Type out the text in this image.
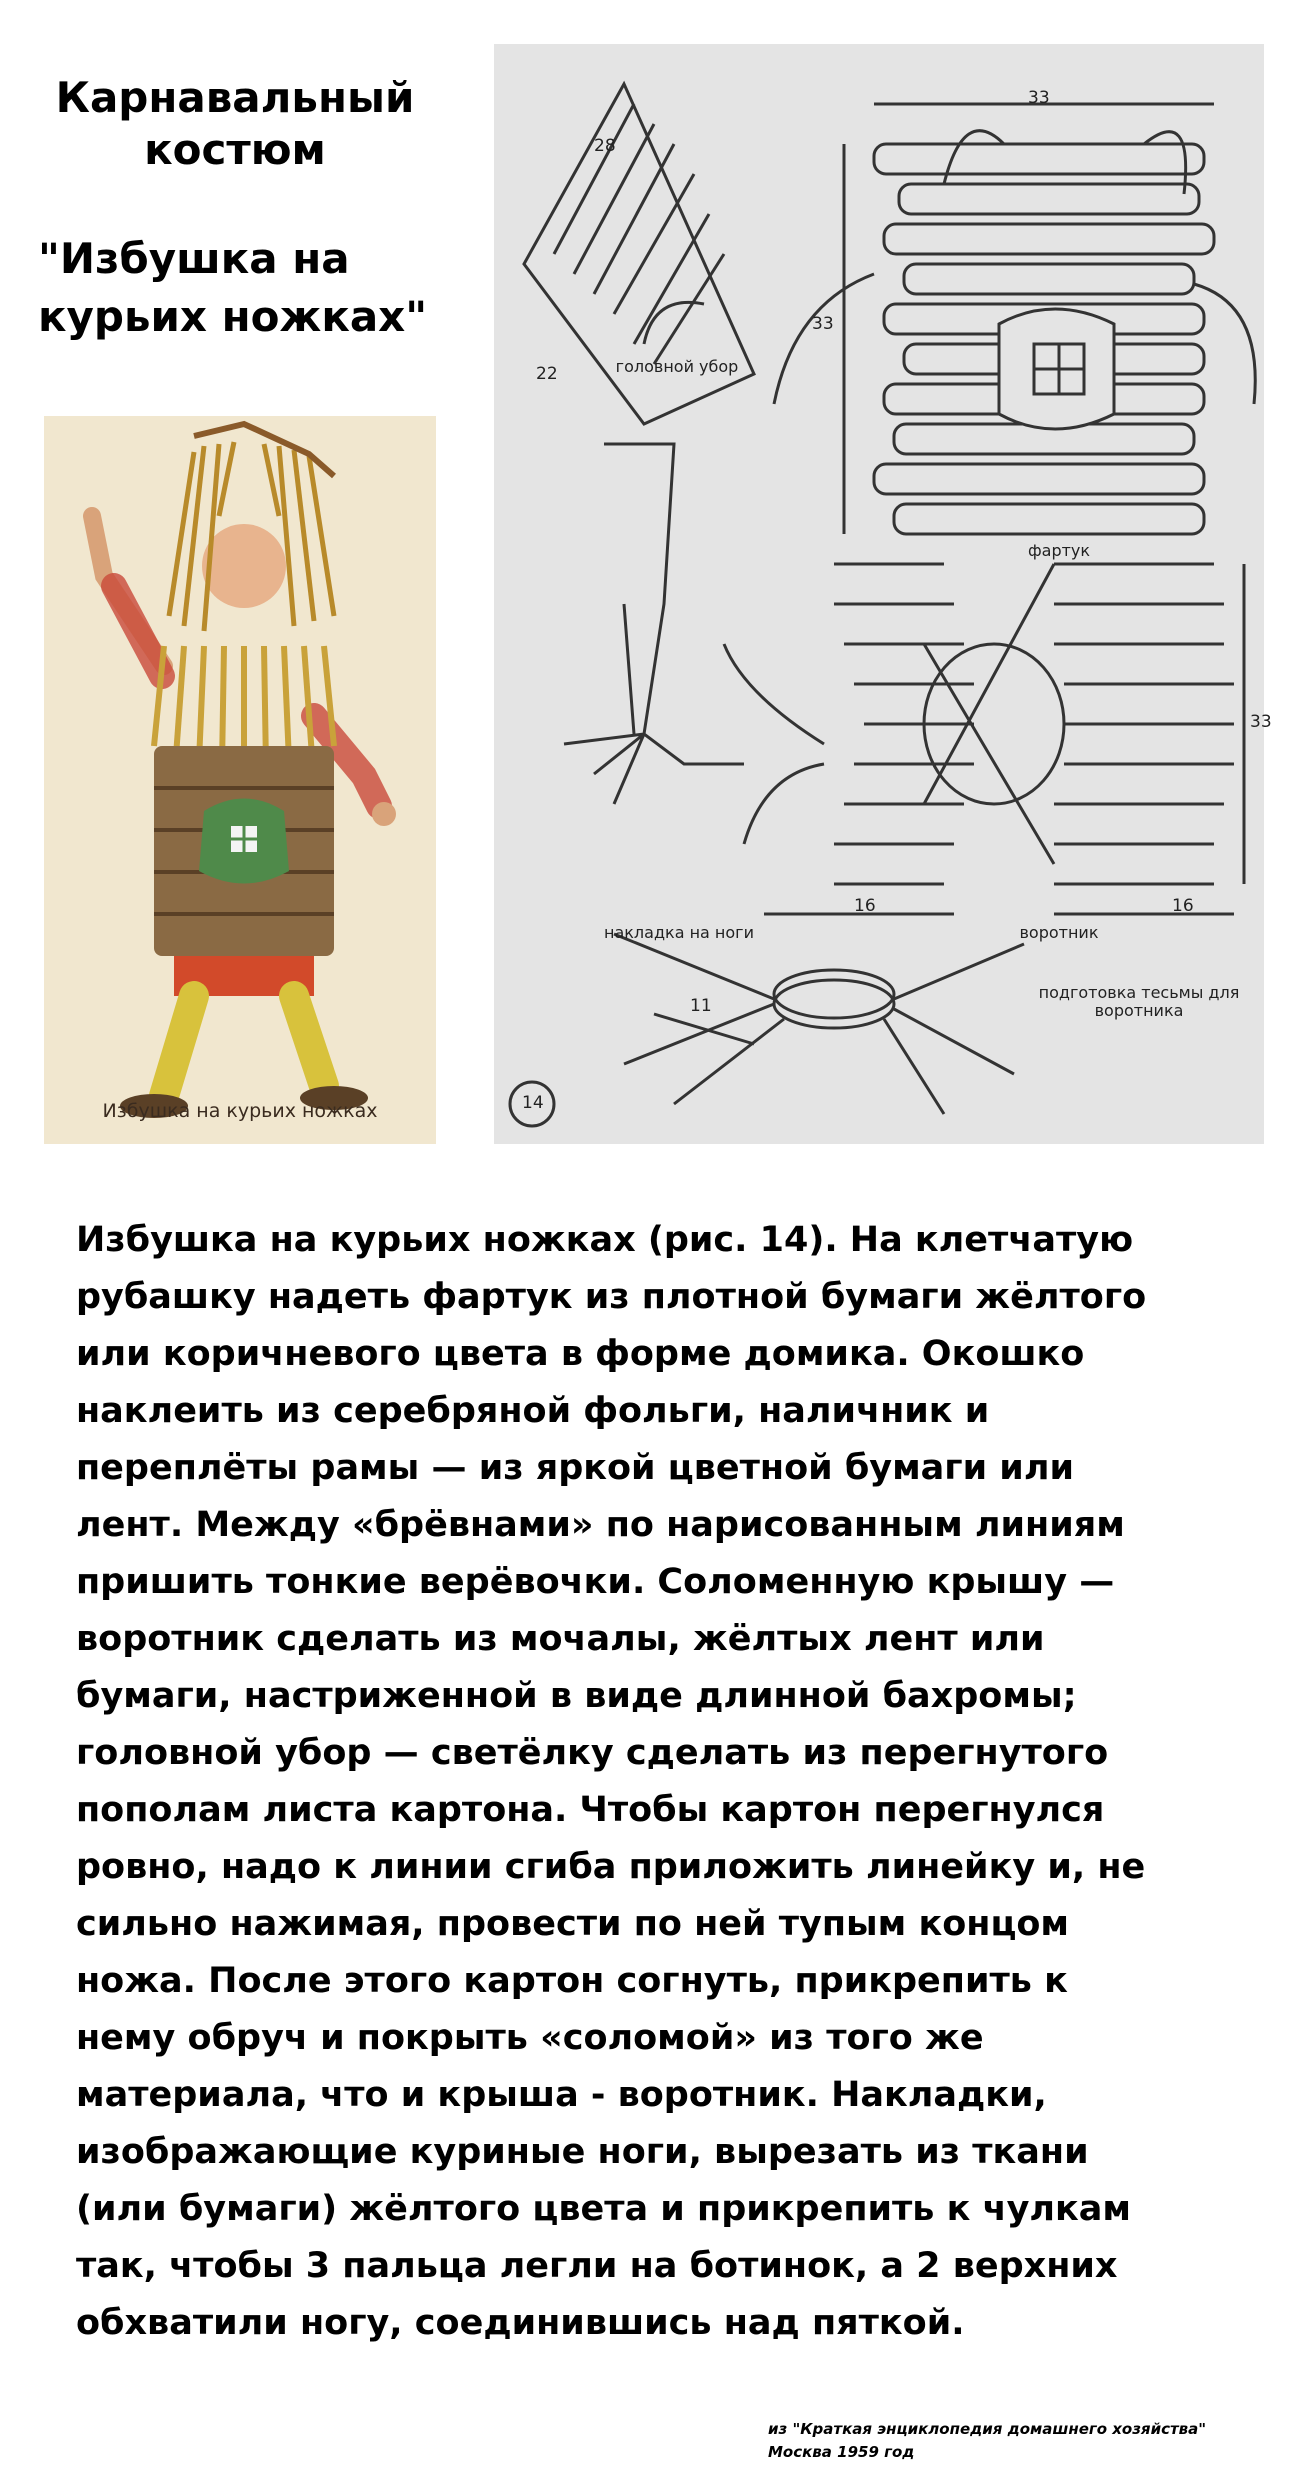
Карнавальный костюм
"Избушка на курьих ножках"
Избушка на курьих ножках
28
22	головной убор
33
33
фартук
33
16	16
воротник
накладка на ноги
11
подготовка тесьмы для воротника
14
Избушка на курьих ножках (рис. 14). На клетчатую
рубашку надеть фартук из плотной бумаги жёлтого
или коричневого цвета в форме домика. Окошко
наклеить из серебряной фольги, наличник и
переплёты рамы — из яркой цветной бумаги или
лент. Между «брёвнами» по нарисованным линиям
пришить тонкие верёвочки. Соломенную крышу —
воротник сделать из мочалы, жёлтых лент или
бумаги, настриженной в виде длинной бахромы;
головной убор — светёлку сделать из перегнутого
пополам листа картона. Чтобы картон перегнулся
ровно, надо к линии сгиба приложить линейку и, не
сильно нажимая, провести по ней тупым концом
ножа. После этого картон согнуть, прикрепить к
нему обруч и покрыть «соломой» из того же
материала, что и крыша - воротник. Накладки,
изображающие куриные ноги, вырезать из ткани
(или бумаги) жёлтого цвета и прикрепить к чулкам
так, чтобы 3 пальца легли на ботинок, а 2 верхних
обхватили ногу, соединившись над пяткой.
из "Краткая энциклопедия домашнего хозяйства"
Москва 1959 год
